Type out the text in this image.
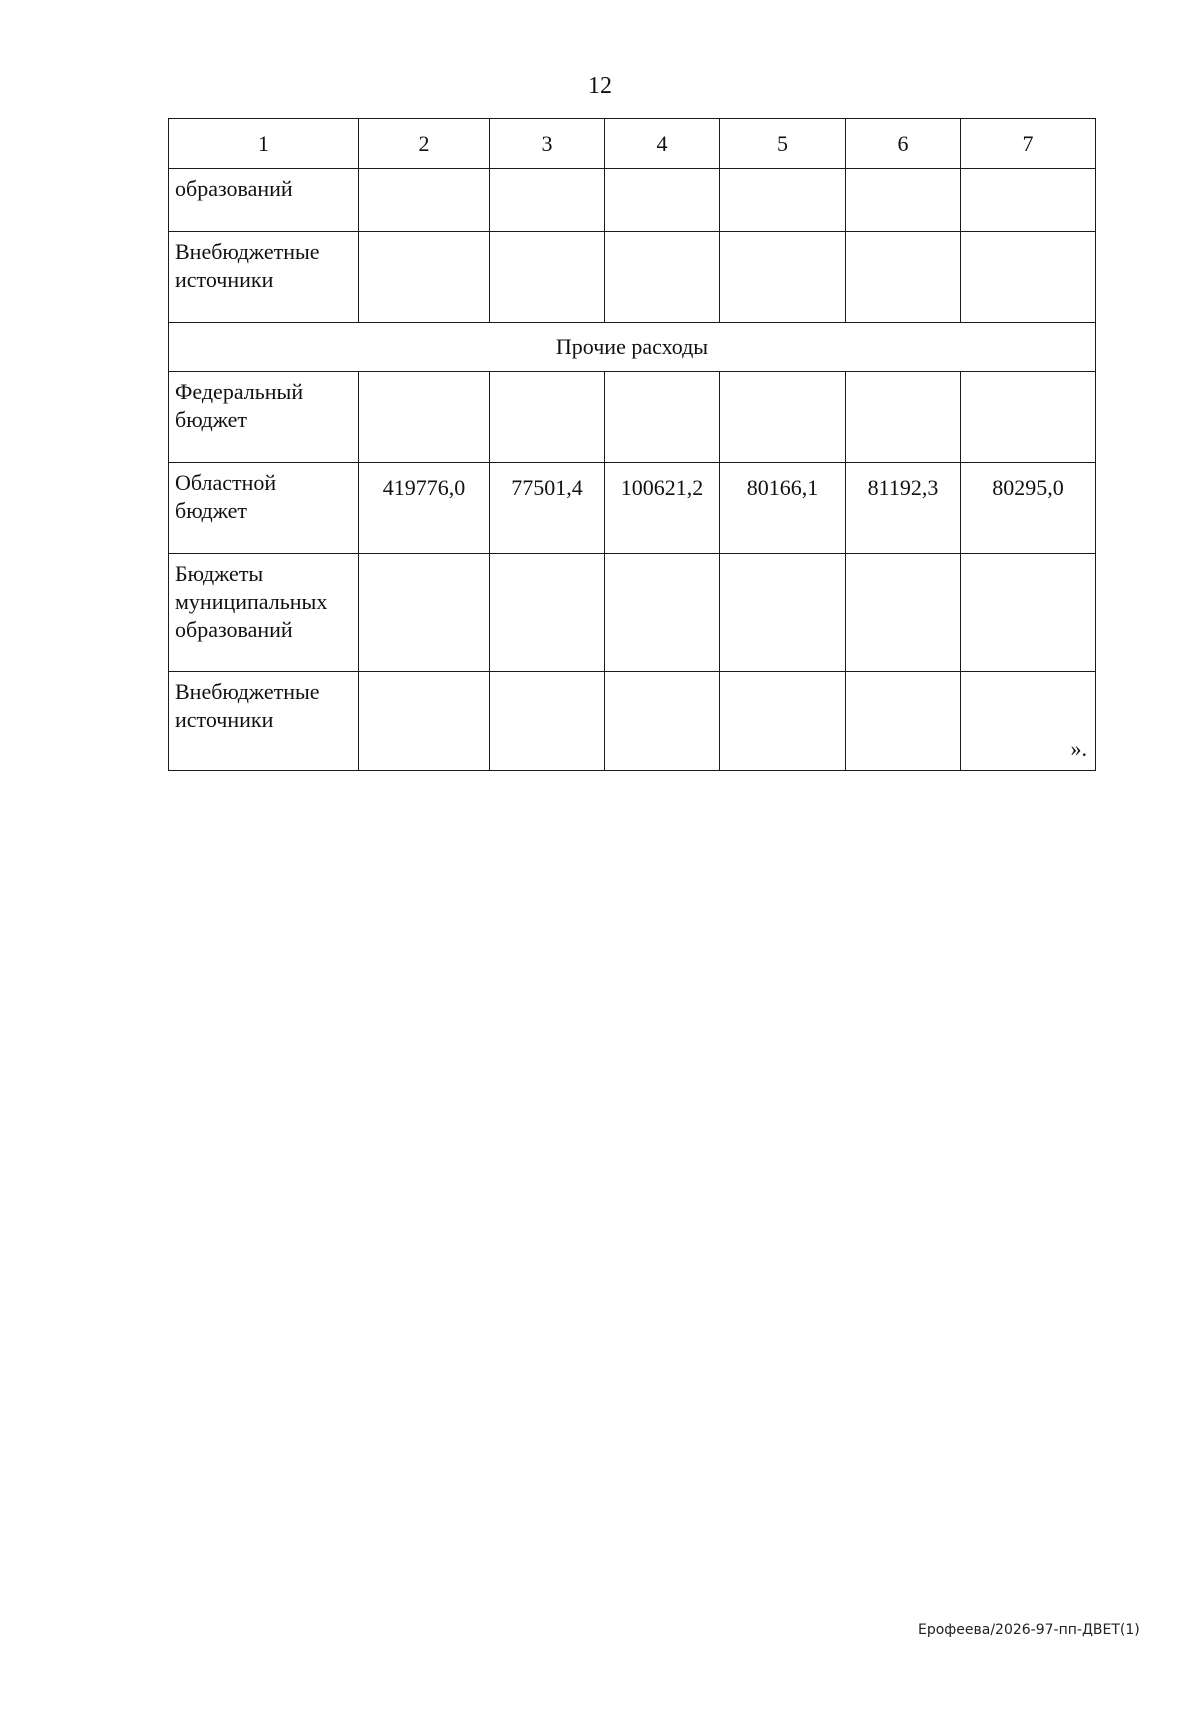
12
1	2	3	4	5	6	7
образований						
Внебюджетные источники						
Прочие расходы						
Федеральный бюджет						
Областной бюджет	419776,0	77501,4	100621,2	80166,1	81192,3	80295,0
Бюджеты муниципальных образований						
Внебюджетные источники						».
Ерофеева/2026-97-пп-ДВЕТ(1)
